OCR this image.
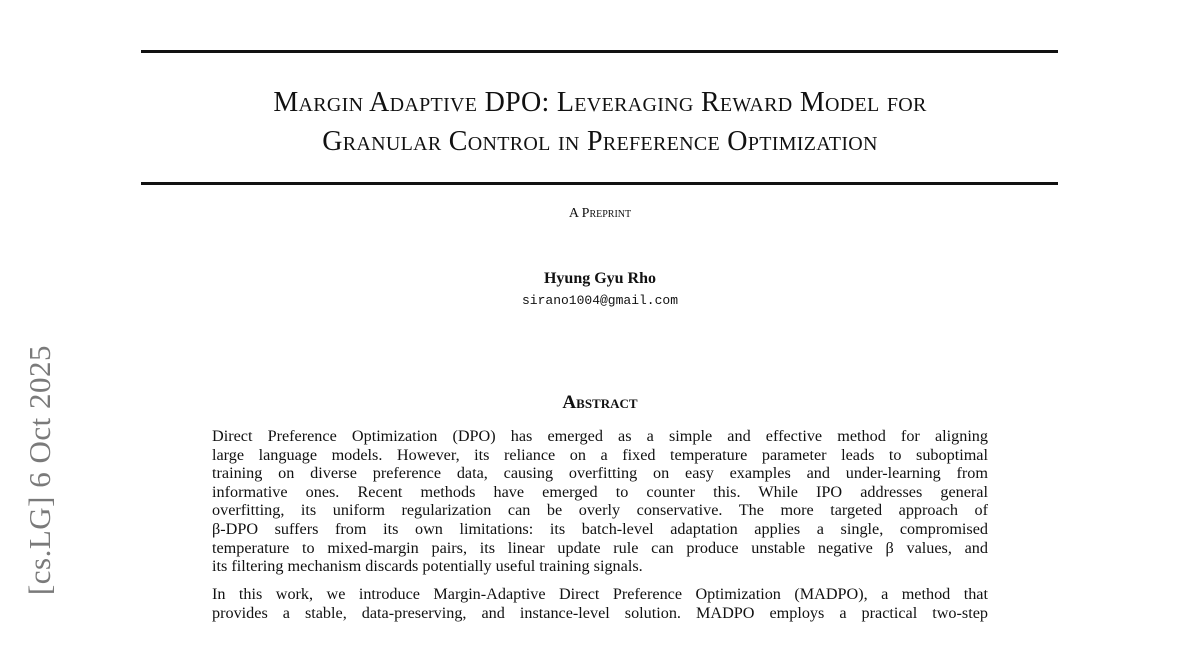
[cs.LG] 6 Oct 2025
Margin Adaptive DPO: Leveraging Reward Model for
Granular Control in Preference Optimization
A Preprint
Hyung Gyu Rho
sirano1004@gmail.com
Abstract
Direct Preference Optimization (DPO) has emerged as a simple and effective method for aligning
large language models. However, its reliance on a fixed temperature parameter leads to suboptimal
training on diverse preference data, causing overfitting on easy examples and under-learning from
informative ones. Recent methods have emerged to counter this. While IPO addresses general
overfitting, its uniform regularization can be overly conservative. The more targeted approach of
β-DPO suffers from its own limitations: its batch-level adaptation applies a single, compromised
temperature to mixed-margin pairs, its linear update rule can produce unstable negative β values, and
its filtering mechanism discards potentially useful training signals.
In this work, we introduce Margin-Adaptive Direct Preference Optimization (MADPO), a method that
provides a stable, data-preserving, and instance-level solution. MADPO employs a practical two-step
